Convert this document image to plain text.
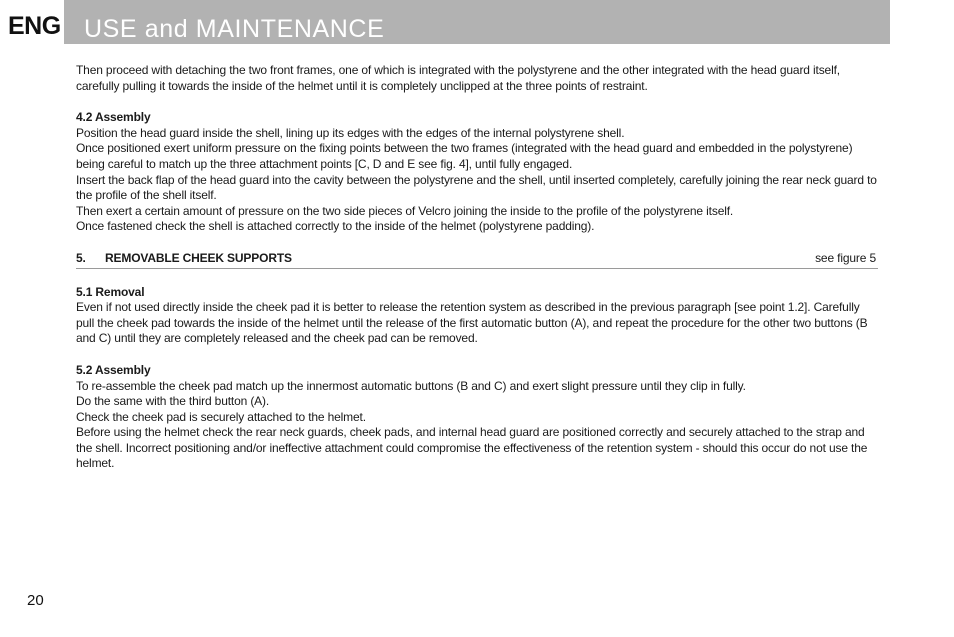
ENG USE and MAINTENANCE

Then proceed with detaching the two front frames, one of which is integrated with the polystyrene and the other integrated with the head guard itself, carefully pulling it towards the inside of the helmet until it is completely unclipped at the three points of restraint.

4.2 Assembly

Position the head guard inside the shell, lining up its edges with the edges of the internal polystyrene shell.

Once positioned exert uniform pressure on the fixing points between the two frames (integrated with the head guard and embedded in the polystyrene) being careful to match up the three attachment points [C, D and E see fig. 4], until fully engaged.

Insert the back flap of the head guard into the cavity between the polystyrene and the shell, until inserted completely, carefully joining the rear neck guard to the profile of the shell itself.

Then exert a certain amount of pressure on the two side pieces of Velcro joining the inside to the profile of the polystyrene itself.

Once fastened check the shell is attached correctly to the inside of the helmet (polystyrene padding).

5. REMOVABLE CHEEK SUPPORTS	see figure 5

5.1 Removal

Even if not used directly inside the cheek pad it is better to release the retention system as described in the previous paragraph [see point 1.2]. Carefully pull the cheek pad towards the inside of the helmet until the release of the first automatic button (A), and repeat the procedure for the other two buttons (B and C) until they are completely released and the cheek pad can be removed.

5.2 Assembly

To re-assemble the cheek pad match up the innermost automatic buttons (B and C) and exert slight pressure until they clip in fully.

Do the same with the third button (A).

Check the cheek pad is securely attached to the helmet.

Before using the helmet check the rear neck guards, cheek pads, and internal head guard are positioned correctly and securely attached to the strap and the shell. Incorrect positioning and/or ineffective attachment could compromise the effectiveness of the retention system - should this occur do not use the helmet.

20
